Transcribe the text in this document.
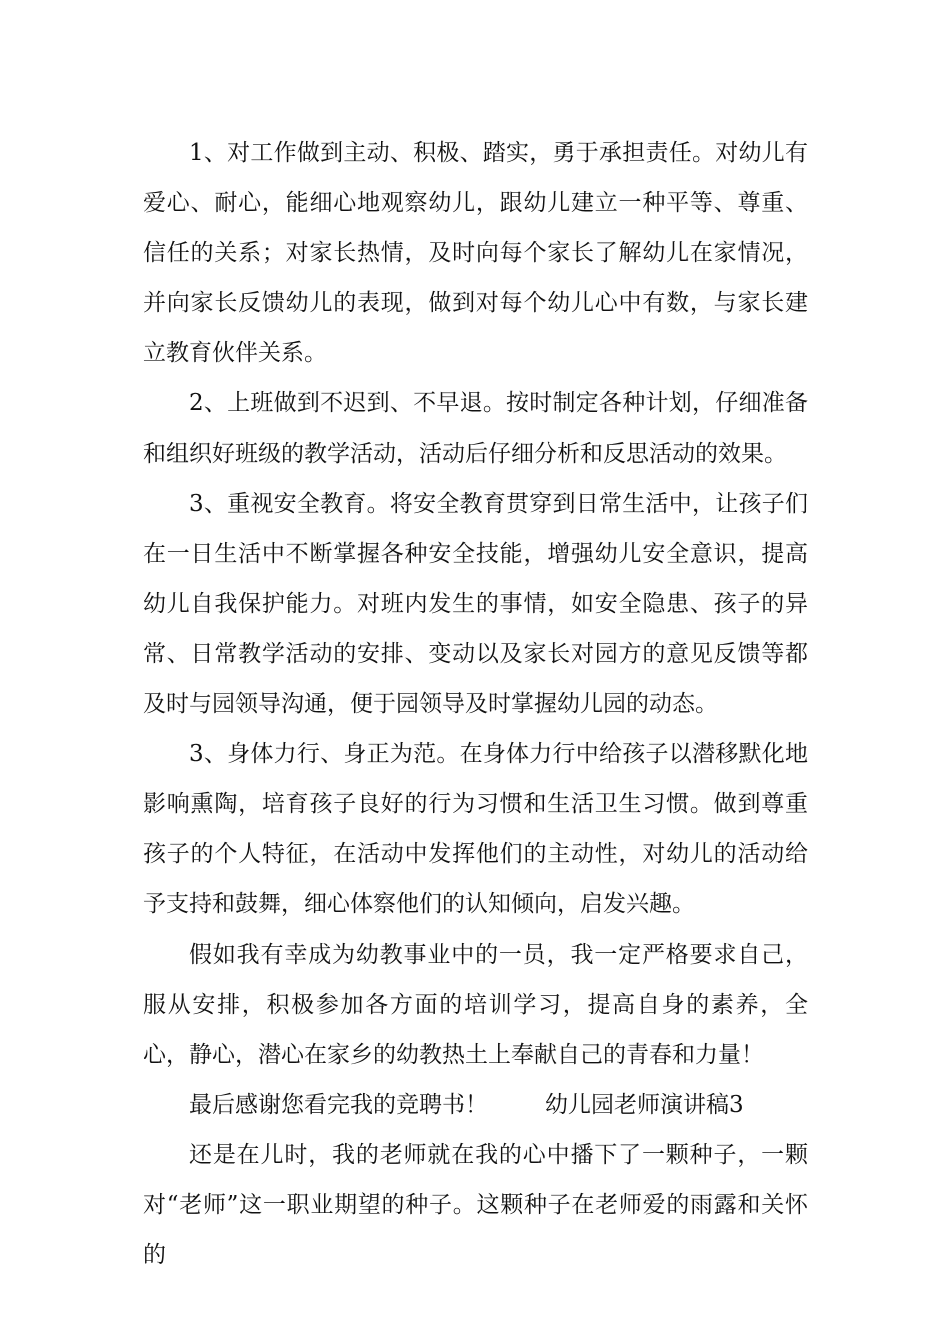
1、对工作做到主动、积极、踏实，勇于承担责任。对幼儿有爱心、耐心，能细心地观察幼儿，跟幼儿建立一种平等、尊重、信任的关系；对家长热情，及时向每个家长了解幼儿在家情况，并向家长反馈幼儿的表现，做到对每个幼儿心中有数，与家长建立教育伙伴关系。

2、上班做到不迟到、不早退。按时制定各种计划，仔细准备和组织好班级的教学活动，活动后仔细分析和反思活动的效果。

3、重视安全教育。将安全教育贯穿到日常生活中，让孩子们在一日生活中不断掌握各种安全技能，增强幼儿安全意识，提高幼儿自我保护能力。对班内发生的事情，如安全隐患、孩子的异常、日常教学活动的安排、变动以及家长对园方的意见反馈等都及时与园领导沟通，便于园领导及时掌握幼儿园的动态。

3、身体力行、身正为范。在身体力行中给孩子以潜移默化地影响熏陶，培育孩子良好的行为习惯和生活卫生习惯。做到尊重孩子的个人特征，在活动中发挥他们的主动性，对幼儿的活动给予支持和鼓舞，细心体察他们的认知倾向，启发兴趣。

假如我有幸成为幼教事业中的一员，我一定严格要求自己，服从安排，积极参加各方面的培训学习，提高自身的素养，全心，静心，潜心在家乡的幼教热土上奉献自己的青春和力量！

最后感谢您看完我的竞聘书！ 幼儿园老师演讲稿3

还是在儿时，我的老师就在我的心中播下了一颗种子，一颗对“老师”这一职业期望的种子。这颗种子在老师爱的雨露和关怀的
